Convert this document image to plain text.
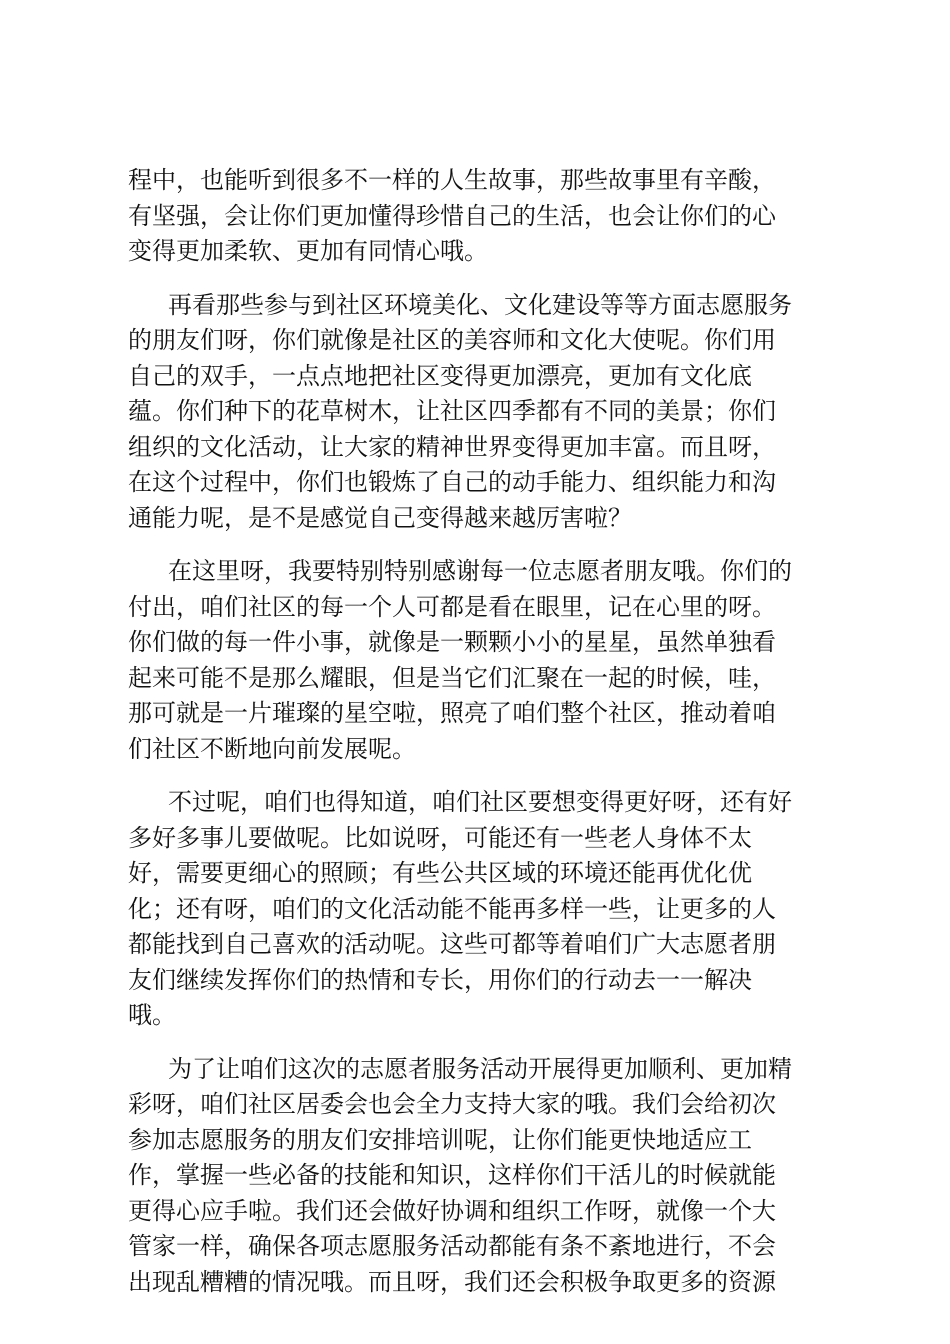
程中，也能听到很多不一样的人生故事，那些故事里有辛酸，
有坚强，会让你们更加懂得珍惜自己的生活，也会让你们的心
变得更加柔软、更加有同情心哦。
再看那些参与到社区环境美化、文化建设等等方面志愿服务
的朋友们呀，你们就像是社区的美容师和文化大使呢。你们用
自己的双手，一点点地把社区变得更加漂亮，更加有文化底
蕴。你们种下的花草树木，让社区四季都有不同的美景；你们
组织的文化活动，让大家的精神世界变得更加丰富。而且呀，
在这个过程中，你们也锻炼了自己的动手能力、组织能力和沟
通能力呢，是不是感觉自己变得越来越厉害啦？
在这里呀，我要特别特别感谢每一位志愿者朋友哦。你们的
付出，咱们社区的每一个人可都是看在眼里，记在心里的呀。
你们做的每一件小事，就像是一颗颗小小的星星，虽然单独看
起来可能不是那么耀眼，但是当它们汇聚在一起的时候，哇，
那可就是一片璀璨的星空啦，照亮了咱们整个社区，推动着咱
们社区不断地向前发展呢。
不过呢，咱们也得知道，咱们社区要想变得更好呀，还有好
多好多事儿要做呢。比如说呀，可能还有一些老人身体不太
好，需要更细心的照顾；有些公共区域的环境还能再优化优
化；还有呀，咱们的文化活动能不能再多样一些，让更多的人
都能找到自己喜欢的活动呢。这些可都等着咱们广大志愿者朋
友们继续发挥你们的热情和专长，用你们的行动去一一解决
哦。
为了让咱们这次的志愿者服务活动开展得更加顺利、更加精
彩呀，咱们社区居委会也会全力支持大家的哦。我们会给初次
参加志愿服务的朋友们安排培训呢，让你们能更快地适应工
作，掌握一些必备的技能和知识，这样你们干活儿的时候就能
更得心应手啦。我们还会做好协调和组织工作呀，就像一个大
管家一样，确保各项志愿服务活动都能有条不紊地进行，不会
出现乱糟糟的情况哦。而且呀，我们还会积极争取更多的资源
